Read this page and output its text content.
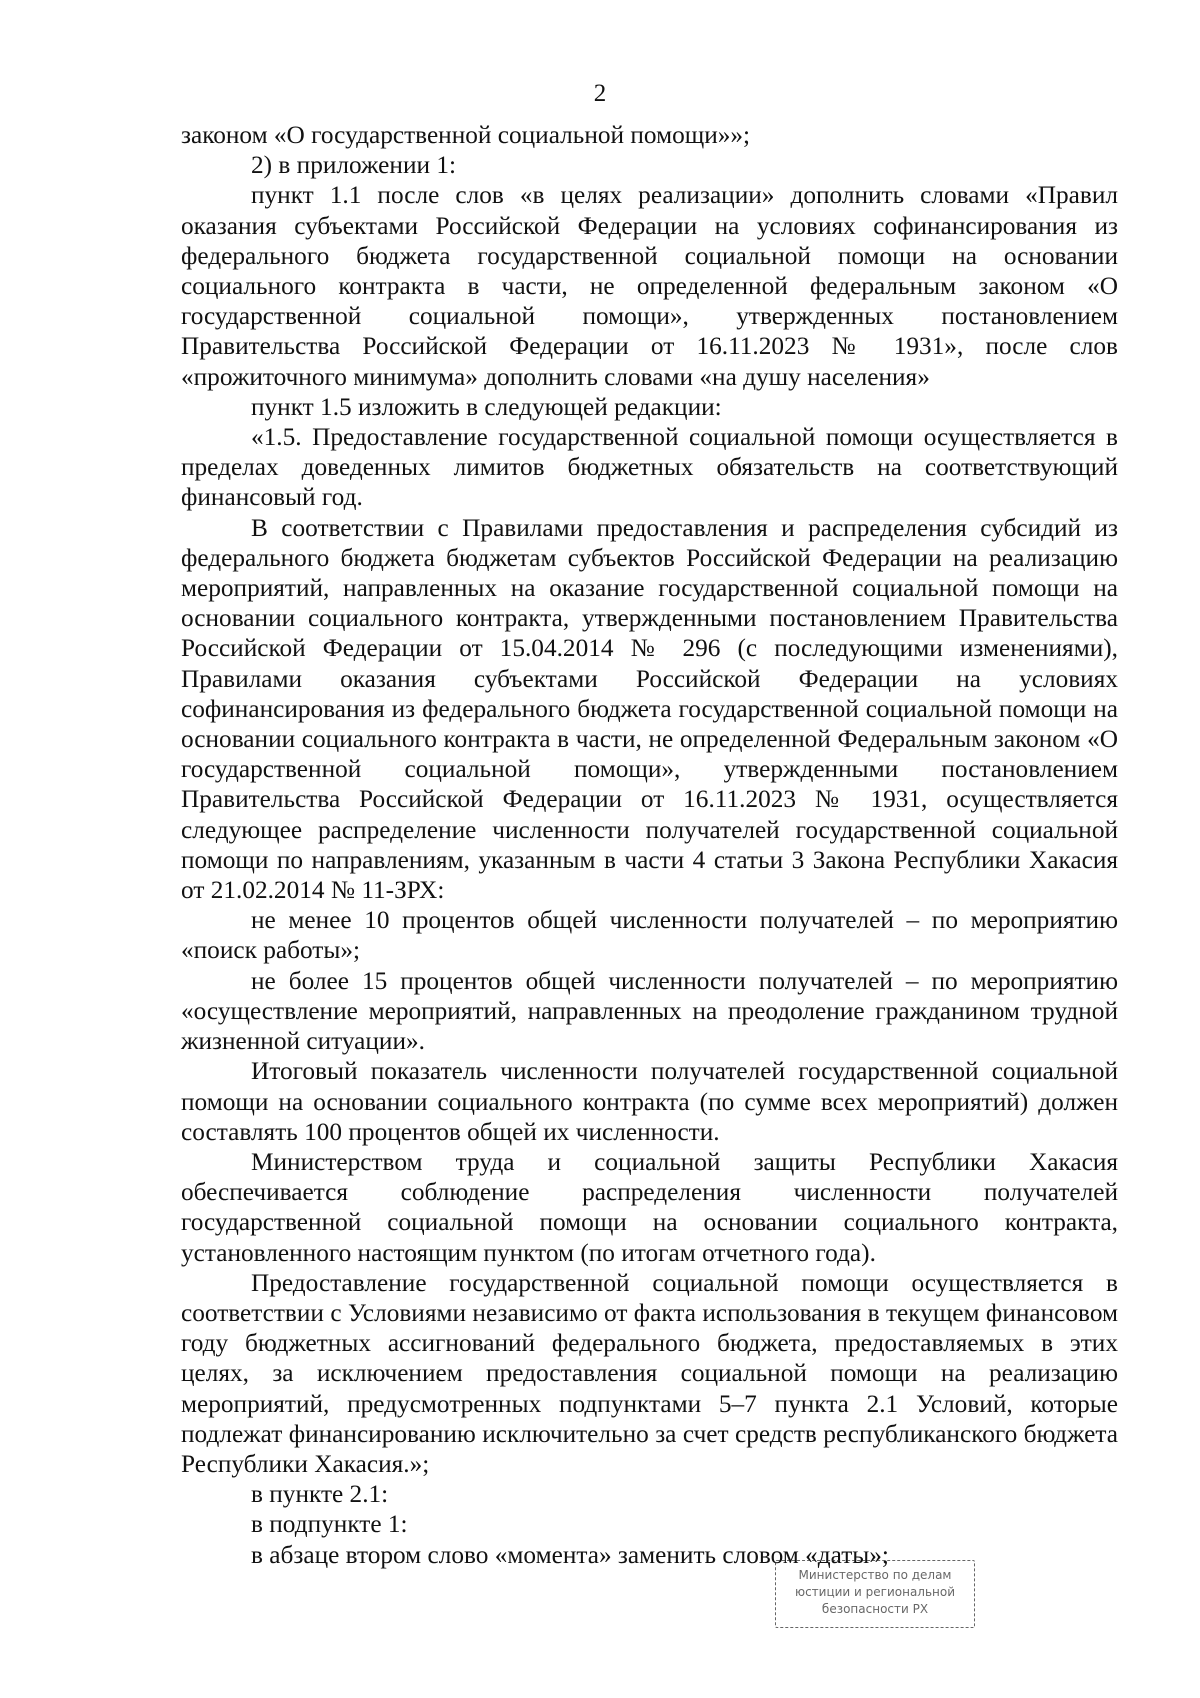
2

законом «О государственной социальной помощи»»;

2) в приложении 1:

пункт 1.1 после слов «в целях реализации» дополнить словами «Правил оказания субъектами Российской Федерации на условиях софинансирования из федерального бюджета государственной социальной помощи на основании социального контракта в части, не определенной федеральным законом «О государственной социальной помощи», утвержденных постановлением Правительства Российской Федерации от 16.11.2023 № 1931», после слов «прожиточного минимума» дополнить словами «на душу населения»

пункт 1.5 изложить в следующей редакции:

«1.5. Предоставление государственной социальной помощи осуществляется в пределах доведенных лимитов бюджетных обязательств на соответствующий финансовый год.

В соответствии с Правилами предоставления и распределения субсидий из федерального бюджета бюджетам субъектов Российской Федерации на реализацию мероприятий, направленных на оказание государственной социальной помощи на основании социального контракта, утвержденными постановлением Правительства Российской Федерации от 15.04.2014 № 296 (с последующими изменениями), Правилами оказания субъектами Российской Федерации на условиях софинансирования из федерального бюджета государственной социальной помощи на основании социального контракта в части, не определенной Федеральным законом «О государственной социальной помощи», утвержденными постановлением Правительства Российской Федерации от 16.11.2023 № 1931, осуществляется следующее распределение численности получателей государственной социальной помощи по направлениям, указанным в части 4 статьи 3 Закона Республики Хакасия от 21.02.2014 № 11-ЗРХ:

не менее 10 процентов общей численности получателей – по мероприятию «поиск работы»;

не более 15 процентов общей численности получателей – по мероприятию «осуществление мероприятий, направленных на преодоление гражданином трудной жизненной ситуации».

Итоговый показатель численности получателей государственной социальной помощи на основании социального контракта (по сумме всех мероприятий) должен составлять 100 процентов общей их численности.

Министерством труда и социальной защиты Республики Хакасия обеспечивается соблюдение распределения численности получателей государственной социальной помощи на основании социального контракта, установленного настоящим пунктом (по итогам отчетного года).

Предоставление государственной социальной помощи осуществляется в соответствии с Условиями независимо от факта использования в текущем финансовом году бюджетных ассигнований федерального бюджета, предоставляемых в этих целях, за исключением предоставления социальной помощи на реализацию мероприятий, предусмотренных подпунктами 5–7 пункта 2.1 Условий, которые подлежат финансированию исключительно за счет средств республиканского бюджета Республики Хакасия.»;

в пункте 2.1:

в подпункте 1:

в абзаце втором слово «момента» заменить словом «даты»;

Министерство по делам
юстиции и региональной
безопасности РХ
